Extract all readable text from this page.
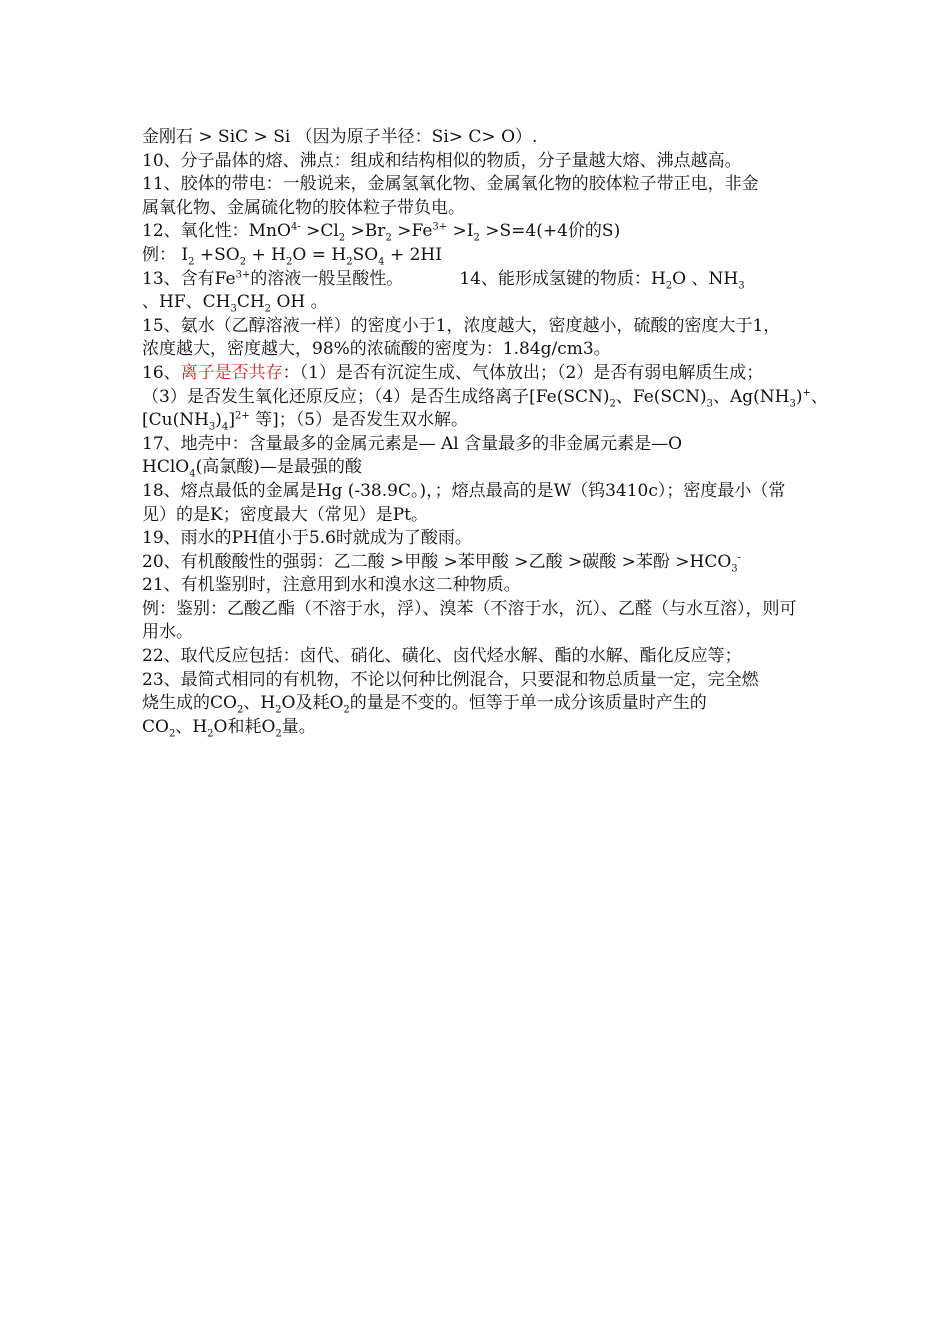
金刚石 > SiC > Si （因为原子半径：Si> C> O）.
10、分子晶体的熔、沸点：组成和结构相似的物质，分子量越大熔、沸点越高。
11、胶体的带电：一般说来，金属氢氧化物、金属氧化物的胶体粒子带正电，非金
属氧化物、金属硫化物的胶体粒子带负电。
12、氧化性：$MnO^{4-} >Cl_2 >Br_2 >Fe^{3+} >I_2 >S=4(+4$价的S)
例： $I_2 +SO_2 + H_2O = H_2SO_4 + 2HI$
13、含有$Fe^{3+}$的溶液一般呈酸性。	14、能形成氢键的物质：$H_2O$ 、$NH_3$
、HF、$CH_3CH_2$ OH 。
15、氨水（乙醇溶液一样）的密度小于1，浓度越大，密度越小，硫酸的密度大于1，
浓度越大，密度越大，98%的浓硫酸的密度为：1.84g/cm3。
16、离子是否共存：（1）是否有沉淀生成、气体放出；（2）是否有弱电解质生成；
（3）是否发生氧化还原反应；（4）是否生成络离子[$Fe(SCN)_2$、$Fe(SCN)_3$、$Ag(NH_3)^+$、
$[Cu(NH_3)_4]^{2+}$ 等]；（5）是否发生双水解。
17、地壳中：含量最多的金属元素是— Al 含量最多的非金属元素是—O
HClO$_4$(高氯酸)—是最强的酸
18、熔点最低的金属是Hg (-38.9C。)，；熔点最高的是W（钨3410c）；密度最小（常
见）的是K；密度最大（常见）是Pt。
19、雨水的PH值小于5.6时就成为了酸雨。
20、有机酸酸性的强弱：乙二酸 >甲酸 >苯甲酸 >乙酸 >碳酸 >苯酚 $>HCO_3^-$
21、有机鉴别时，注意用到水和溴水这二种物质。
例：鉴别：乙酸乙酯（不溶于水，浮）、溴苯（不溶于水，沉）、乙醛（与水互溶），则可
用水。
22、取代反应包括：卤代、硝化、磺化、卤代烃水解、酯的水解、酯化反应等；
23、最简式相同的有机物，不论以何种比例混合，只要混和物总质量一定，完全燃
烧生成的$CO_2$、$H_2O$及耗$O_2$的量是不变的。恒等于单一成分该质量时产生的
$CO_2$、$H_2O$和耗$O_2$量。
